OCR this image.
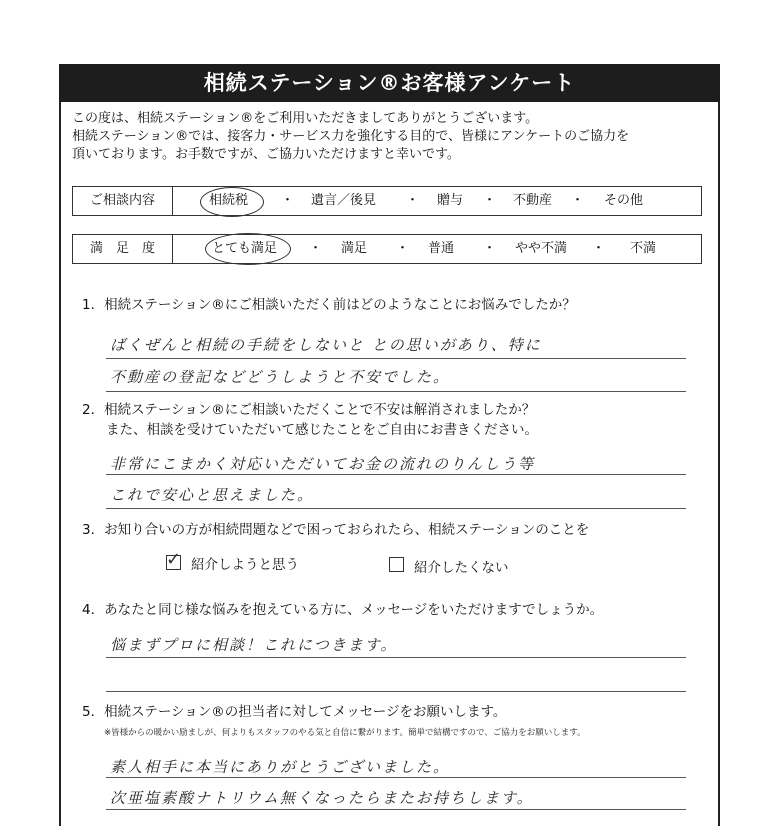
相続ステーション®お客様アンケート
この度は、相続ステーション®をご利用いただきましてありがとうございます。
相続ステーション®では、接客力・サービス力を強化する目的で、皆様にアンケートのご協力を
頂いております。お手数ですが、ご協力いただけますと幸いです。
ご相談内容	相続税	・ 遺言／後見 ・ 贈与 ・ 不動産 ・ その他
満　足　度	とても満足 ・ 満足 ・ 普通 ・ やや不満 ・ 不満
1．相続ステーション®にご相談いただく前はどのようなことにお悩みでしたか？
ばくぜんと相続の手続をしないと との思いがあり、特に
不動産の登記などどうしようと不安でした。
2．相続ステーション®にご相談いただくことで不安は解消されましたか？
また、相談を受けていただいて感じたことをご自由にお書きください。
非常にこまかく対応いただいてお金の流れのりんしう等
これで安心と思えました。
3．お知り合いの方が相続問題などで困っておられたら、相続ステーションのことを
✓ 紹介しようと思う	紹介したくない
4．あなたと同じ様な悩みを抱えている方に、メッセージをいただけますでしょうか。
悩まずプロに相談！これにつきます。
5．相続ステーション®の担当者に対してメッセージをお願いします。
※皆様からの暖かい励ましが、何よりもスタッフのやる気と自信に繋がります。簡単で結構ですので、ご協力をお願いします。
素人相手に本当にありがとうございました。
次亜塩素酸ナトリウム無くなったらまたお持ちします。
